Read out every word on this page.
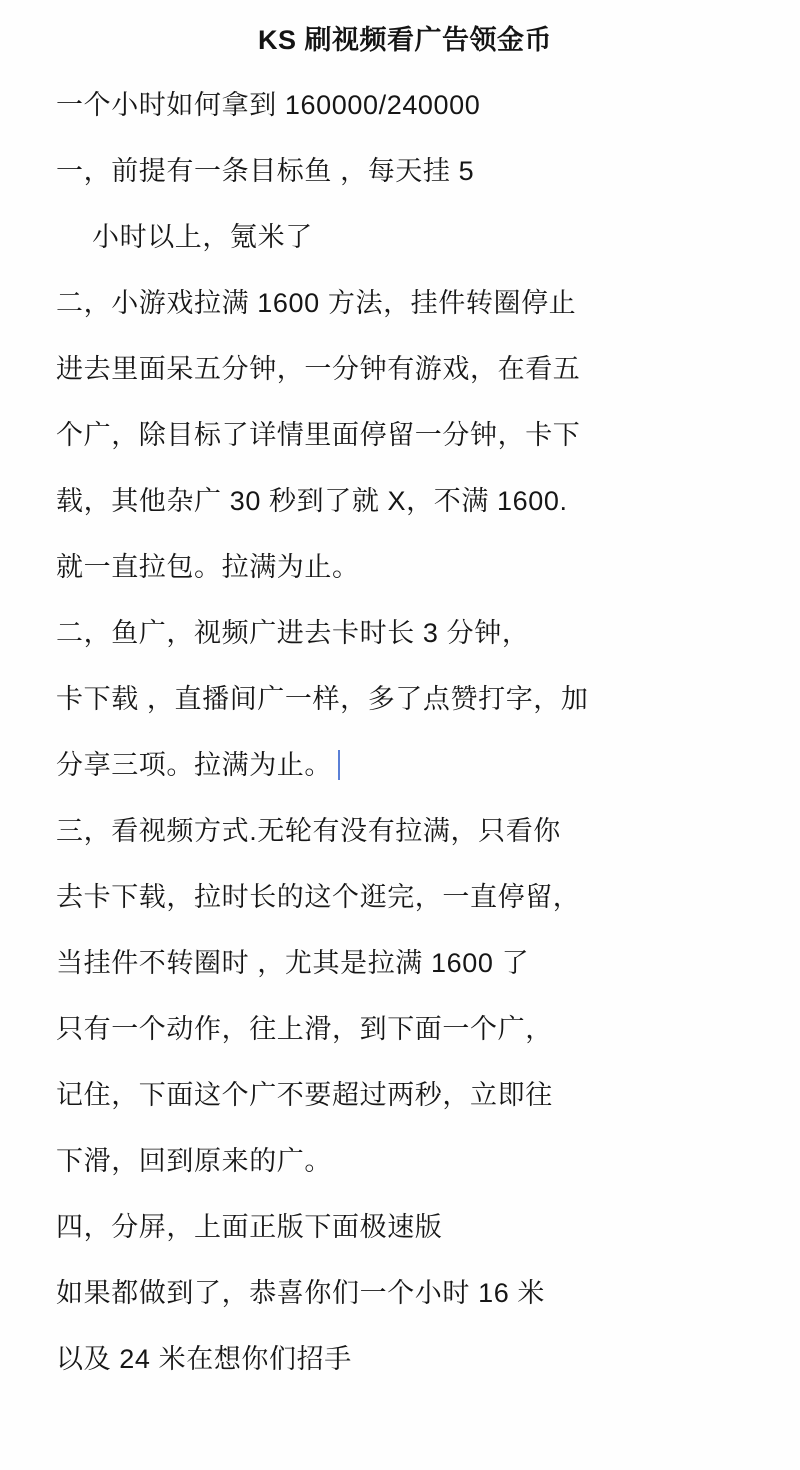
KS 刷视频看广告领金币
一个小时如何拿到 160000/240000
一，前提有一条目标鱼 ，每天挂 5
小时以上，氪米了
二，小游戏拉满 1600 方法，挂件转圈停止
进去里面呆五分钟，一分钟有游戏，在看五
个广，除目标了详情里面停留一分钟，卡下
载，其他杂广 30 秒到了就 X，不满 1600.
就一直拉包。拉满为止。
二，鱼广，视频广进去卡时长 3 分钟，
卡下载 ，直播间广一样，多了点赞打字，加
分享三项。拉满为止。
三，看视频方式.无轮有没有拉满，只看你
去卡下载，拉时长的这个逛完，一直停留，
当挂件不转圈时 ，尤其是拉满 1600 了
只有一个动作，往上滑，到下面一个广，
记住，下面这个广不要超过两秒，立即往
下滑，回到原来的广。
四，分屏，上面正版下面极速版
如果都做到了，恭喜你们一个小时 16 米
以及 24 米在想你们招手
